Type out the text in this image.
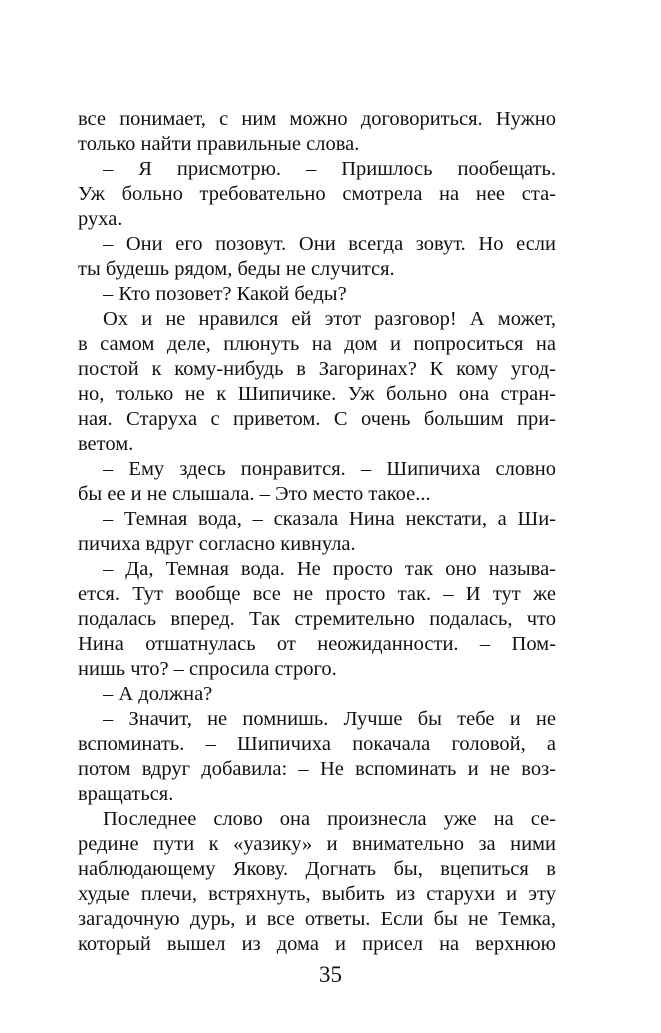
все понимает, с ним можно договориться. Нужно
только найти правильные слова.
– Я присмотрю. – Пришлось пообещать.
Уж больно требовательно смотрела на нее ста-
руха.
– Они его позовут. Они всегда зовут. Но если
ты будешь рядом, беды не случится.
– Кто позовет? Какой беды?
Ох и не нравился ей этот разговор! А может,
в самом деле, плюнуть на дом и попроситься на
постой к кому-нибудь в Загоринах? К кому угод-
но, только не к Шипичике. Уж больно она стран-
ная. Старуха с приветом. С очень большим при-
ветом.
– Ему здесь понравится. – Шипичиха словно
бы ее и не слышала. – Это место такое...
– Темная вода, – сказала Нина некстати, а Ши-
пичиха вдруг согласно кивнула.
– Да, Темная вода. Не просто так оно называ-
ется. Тут вообще все не просто так. – И тут же
подалась вперед. Так стремительно подалась, что
Нина отшатнулась от неожиданности. – Пом-
нишь что? – спросила строго.
– А должна?
– Значит, не помнишь. Лучше бы тебе и не
вспоминать. – Шипичиха покачала головой, а
потом вдруг добавила: – Не вспоминать и не воз-
вращаться.
Последнее слово она произнесла уже на се-
редине пути к «уазику» и внимательно за ними
наблюдающему Якову. Догнать бы, вцепиться в
худые плечи, встряхнуть, выбить из старухи и эту
загадочную дурь, и все ответы. Если бы не Темка,
который вышел из дома и присел на верхнюю
35
